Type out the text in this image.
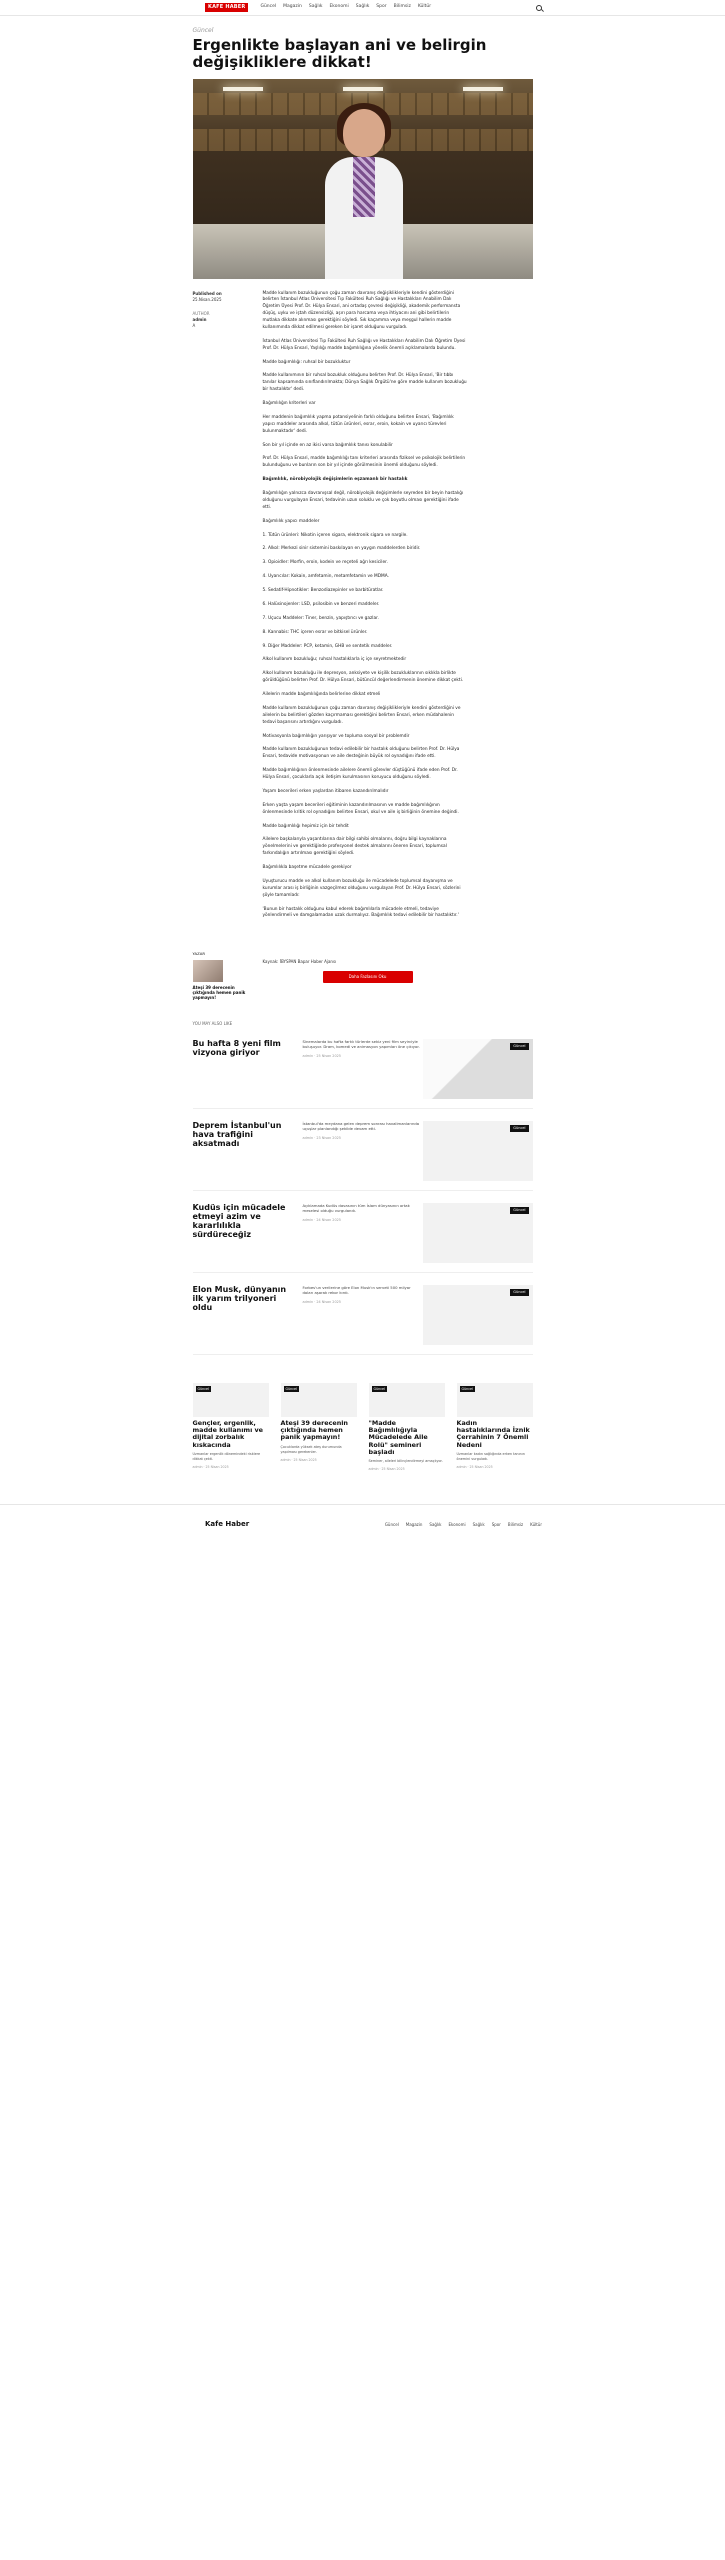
KAFE HABER	Güncel Magazin Sağlık Ekonomi Sağlık Spor Bilimsiz Kültür
Güncel
Ergenlikte başlayan ani ve belirgin değişikliklere dikkat!
Published on
25.Nisan.2025
AUTHOR
admin
A

Madde kullanım bozukluğunun çoğu zaman davranış değişiklikleriyle kendini gösterdiğini belirten İstanbul Atlas Üniversitesi Tıp Fakültesi Ruh Sağlığı ve Hastalıkları Anabilim Dalı Öğretim Üyesi Prof. Dr. Hülya Ensari, ani ortadaş çevresi değişikliği, akademik performansta düşüş, uyku ve iştah düzensizliği, aşırı para harcama veya ihtiyacını ani gibi belirtilerin mutlaka dikkate alınması gerektiğini söyledi. Sık kaçamma veya meşgul hallerin madde kullanımında dikkat edilmesi gereken bir işaret olduğunu vurguladı.

İstanbul Atlas Üniversitesi Tıp Fakültesi Ruh Sağlığı ve Hastalıkları Anabilim Dalı Öğretim Üyesi Prof. Dr. Hülya Ensari, Yaşlılığı madde bağımlılığına yönelik önemli açıklamalarda bulundu.

Madde bağımlılığı: ruhsal bir bozukluktur

Madde kullanımının bir ruhsal bozukluk olduğunu belirten Prof. Dr. Hülya Ensari, 'Bir tıbbı tanılar kapsamında sınıflandırılmakta; Dünya Sağlık Örgütü'ne göre madde kullanım bozukluğu bir hastalıktır' dedi.

Bağımlılığın kriterleri var

Her maddenin bağımlılık yapma potansiyelinin farklı olduğunu belirten Ensari, 'Bağımlılık yapıcı maddeler arasında alkol, tütün ürünleri, esrar, eroin, kokain ve uyarıcı türevleri bulunmaktadır' dedi.

Son bir yıl içinde en az ikisi varsa bağımlılık tanısı konulabilir

Prof. Dr. Hülya Ensari, madde bağımlılığı tanı kriterleri arasında fiziksel ve psikolojik belirtilerin bulunduğunu ve bunların son bir yıl içinde görülmesinin önemli olduğunu söyledi.

Bağımlılık, nörobiyolojik değişimlerin eşzamanlı bir hastalık

Bağımlılığın yalnızca davranışsal değil, nörobiyolojik değişimlerle seyreden bir beyin hastalığı olduğunu vurgulayan Ensari, tedavinin uzun soluklu ve çok boyutlu olması gerektiğini ifade etti.

Bağımlılık yapıcı maddeler

1. Tütün ürünleri: Nikotin içeren sigara, elektronik sigara ve nargile.

2. Alkol: Merkezi sinir sistemini baskılayan en yaygın maddelerden biridir.

3. Opioidler: Morfin, eroin, kodein ve reçeteli ağrı kesiciler.

4. Uyarıcılar: Kokain, amfetamin, metamfetamin ve MDMA.

5. Sedatif-Hipnotikler: Benzodiazepinler ve barbitüratlar.

6. Halüsinojenler: LSD, psilosibin ve benzeri maddeler.

7. Uçucu Maddeler: Tiner, benzin, yapıştırıcı ve gazlar.

8. Kannabis: THC içeren esrar ve bitkisel ürünler.

9. Diğer Maddeler: PCP, ketamin, GHB ve sentetik maddeler.

Alkol kullanım bozukluğu; ruhsal hastalıklarla iç içe seyretmektedir

Alkol kullanım bozukluğu ile depresyon, anksiyete ve kişilik bozukluklarının sıklıkla birlikte görüldüğünü belirten Prof. Dr. Hülya Ensari, bütüncül değerlendirmenin önemine dikkat çekti.

Ailelerin madde bağımlılığında belirlerine dikkat etmeli

Madde kullanım bozukluğunun çoğu zaman davranış değişiklikleriyle kendini gösterdiğini ve ailelerin bu belirtileri gözden kaçırmaması gerektiğini belirten Ensari, erken müdahalenin tedavi başarısını artırdığını vurguladı.

Motivasyonla bağımlılığın yarışıyor ve topluma sosyal bir problemdir

Madde kullanım bozukluğunun tedavi edilebilir bir hastalık olduğunu belirten Prof. Dr. Hülya Ensari, tedavide motivasyonun ve aile desteğinin büyük rol oynadığını ifade etti.

Madde bağımlılığının önlenmesinde ailelere önemli görevler düştüğünü ifade eden Prof. Dr. Hülya Ensari, çocuklarla açık iletişim kurulmasının koruyucu olduğunu söyledi.

Yaşam becerileri erken yaşlardan itibaren kazandırılmalıdır

Erken yaşta yaşam becerileri eğitiminin kazandırılmasının ve madde bağımlılığının önlenmesinde kritik rol oynadığını belirten Ensari, okul ve aile iş birliğinin önemine değindi.

Madde bağımlılığı hepimiz için bir tehdit

Ailelere başkalarıyla yaşantılarına dair bilgi sahibi olmalarını, doğru bilgi kaynaklarına yönelmelerini ve gerektiğinde profesyonel destek almalarını öneren Ensari, toplumsal farkındalığın artırılması gerektiğini söyledi.

Bağımlılıkla başetme mücadele gerekiyor

Uyuşturucu madde ve alkol kullanım bozukluğu ile mücadelede toplumsal dayanışma ve kurumlar arası iş birliğinin vazgeçilmez olduğunu vurgulayan Prof. Dr. Hülya Ensari, sözlerini şöyle tamamladı:

'Bunun bir hastalık olduğunu kabul ederek bağımlılarla mücadele etmeli, tedaviye yönlendirmeli ve damgalamadan uzak durmalıyız. Bağımlılık tedavi edilebilir bir hastalıktır.'

YAZAR
Ateşi 39 derecenin çıktığında hemen panik yapmayın!
Kaynak: İBYSPAN Bapar Haber Ajansı
Daha Fazlasını Oku
YOU MAY ALSO LIKE
Bu hafta 8 yeni film vizyona giriyor
Sinemalarda bu hafta farklı türlerde sekiz yeni film seyirciyle buluşuyor. Dram, komedi ve animasyon yapımları öne çıkıyor.
admin · 25 Nisan 2025
Güncel
Deprem İstanbul'un hava trafiğini aksatmadı
İstanbul'da meydana gelen deprem sonrası havalimanlarında uçuşlar planlandığı şekilde devam etti.
admin · 23 Nisan 2025
Güncel
Kudüs için mücadele etmeyi azim ve kararlılıkla sürdüreceğiz
Açıklamada Kudüs davasının tüm İslam dünyasının ortak meselesi olduğu vurgulandı.
admin · 24 Nisan 2025
Güncel
Elon Musk, dünyanın ilk yarım trilyoneri oldu
Forbes'un verilerine göre Elon Musk'ın serveti 500 milyar doları aşarak rekor kırdı.
admin · 24 Nisan 2025
Güncel
Güncel
Gençler, ergenlik, madde kullanımı ve dijital zorbalık kıskacında
Uzmanlar ergenlik dönemindeki risklere dikkat çekti.
admin · 25 Nisan 2025
Güncel
Ateşi 39 derecenin çıktığında hemen panik yapmayın!
Çocuklarda yüksek ateş durumunda yapılması gerekenler.
admin · 25 Nisan 2025
Güncel
"Madde Bağımlılığıyla Mücadelede Aile Rolü" semineri başladı
Seminer, aileleri bilinçlendirmeyi amaçlıyor.
admin · 25 Nisan 2025
Güncel
Kadın hastalıklarında İznik Çerrahinin 7 Önemli Nedeni
Uzmanlar kadın sağlığında erken tanının önemini vurguladı.
admin · 25 Nisan 2025
Kafe Haber	Güncel Magazin Sağlık Ekonomi Sağlık Spor Bilimsiz Kültür
